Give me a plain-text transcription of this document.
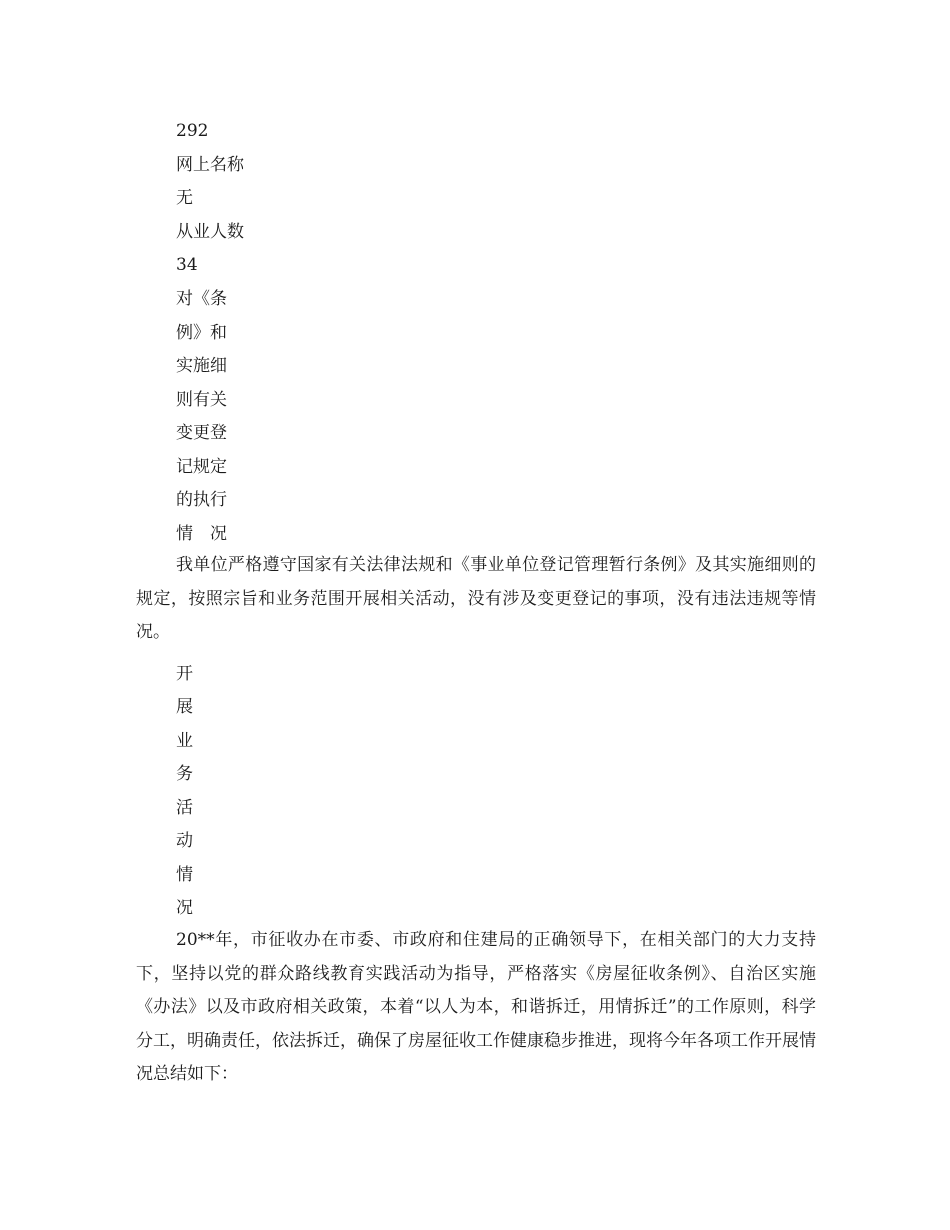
292
网上名称
无
从业人数
34
对《条
例》和
实施细
则有关
变更登
记规定
的执行
情　况
我单位严格遵守国家有关法律法规和《事业单位登记管理暂行条例》及其实施细则的规定，按照宗旨和业务范围开展相关活动，没有涉及变更登记的事项，没有违法违规等情况。
开
展
业
务
活
动
情
况
20**年，市征收办在市委、市政府和住建局的正确领导下，在相关部门的大力支持下，坚持以党的群众路线教育实践活动为指导，严格落实《房屋征收条例》、自治区实施《办法》以及市政府相关政策，本着“以人为本，和谐拆迁，用情拆迁”的工作原则，科学分工，明确责任，依法拆迁，确保了房屋征收工作健康稳步推进，现将今年各项工作开展情况总结如下：
